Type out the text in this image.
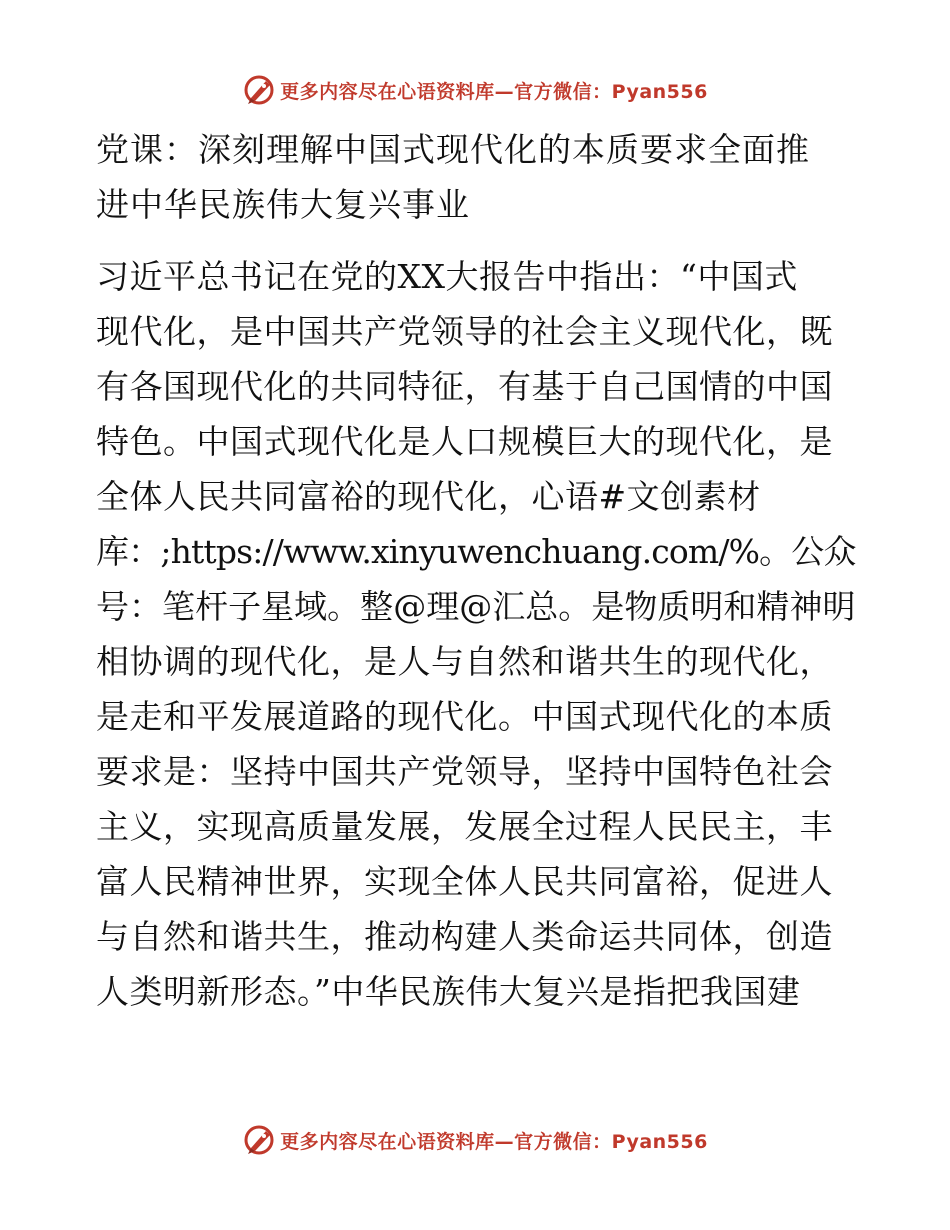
更多内容尽在心语资料库—官方微信：Pyan556
党课：深刻理解中国式现代化的本质要求全面推
进中华民族伟大复兴事业
习近平总书记在党的XX大报告中指出：“中国式
现代化，是中国共产党领导的社会主义现代化，既
有各国现代化的共同特征，有基于自己国情的中国
特色。中国式现代化是人口规模巨大的现代化，是
全体人民共同富裕的现代化，心语#文创素材
库：;https://www.xinyuwenchuang.com/%。公众
号：笔杆子星域。整@理@汇总。是物质明和精神明
相协调的现代化，是人与自然和谐共生的现代化，
是走和平发展道路的现代化。中国式现代化的本质
要求是：坚持中国共产党领导，坚持中国特色社会
主义，实现高质量发展，发展全过程人民民主，丰
富人民精神世界，实现全体人民共同富裕，促进人
与自然和谐共生，推动构建人类命运共同体，创造
人类明新形态。”中华民族伟大复兴是指把我国建
更多内容尽在心语资料库—官方微信：Pyan556
